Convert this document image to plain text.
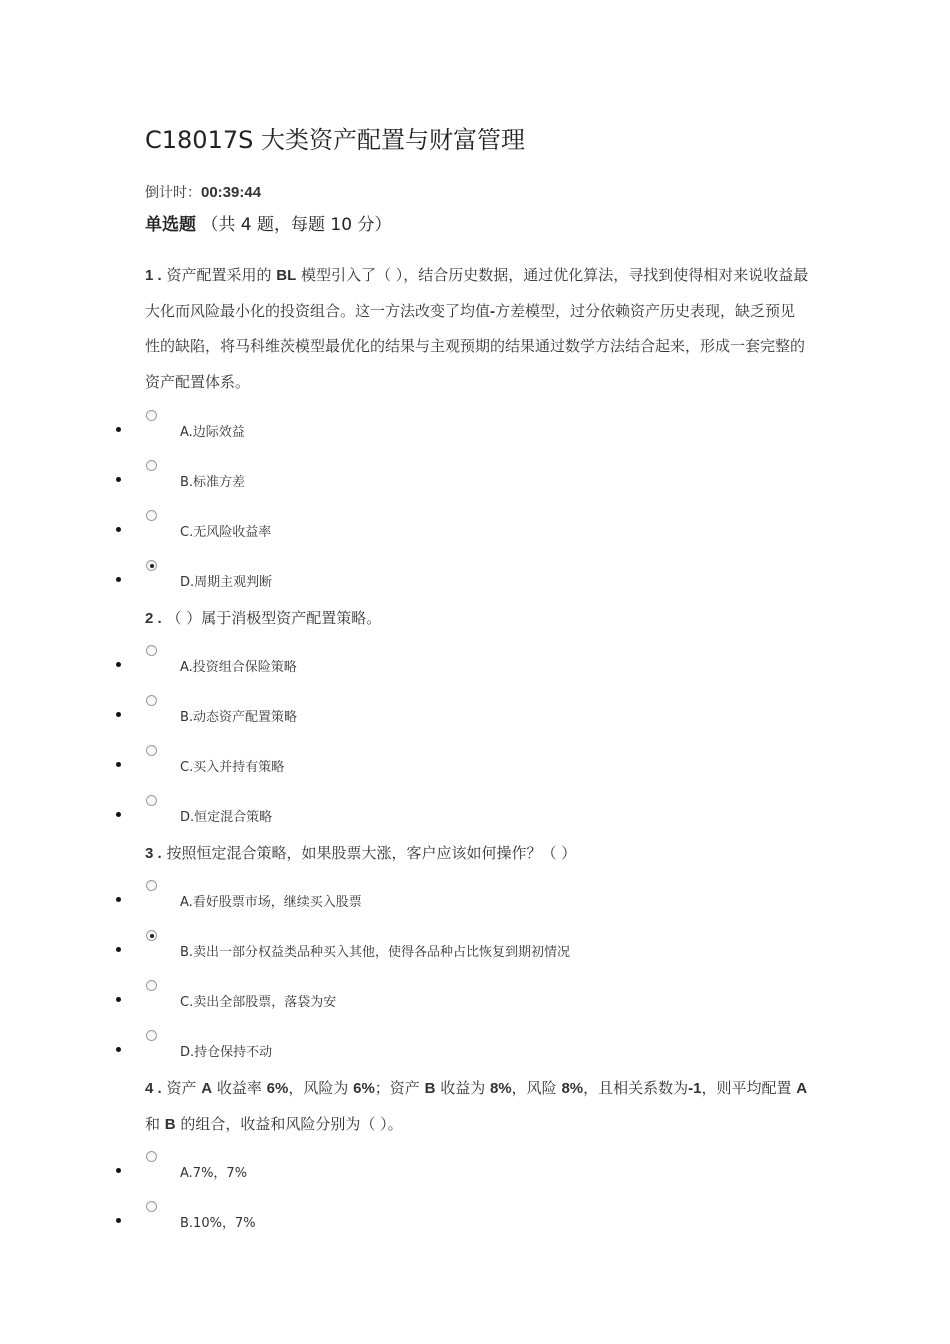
C18017S 大类资产配置与财富管理
倒计时：00:39:44
单选题 （共 4 题，每题 10 分）
1 . 资产配置采用的 BL 模型引入了（ ），结合历史数据，通过优化算法，寻找到使得相对来说收益最大化而风险最小化的投资组合。这一方法改变了均值-方差模型，过分依赖资产历史表现，缺乏预见性的缺陷，将马科维茨模型最优化的结果与主观预期的结果通过数学方法结合起来，形成一套完整的资产配置体系。
A.边际效益
B.标准方差
C.无风险收益率
D.周期主观判断
2 . （ ）属于消极型资产配置策略。
A.投资组合保险策略
B.动态资产配置策略
C.买入并持有策略
D.恒定混合策略
3 . 按照恒定混合策略，如果股票大涨，客户应该如何操作？（ ）
A.看好股票市场，继续买入股票
B.卖出一部分权益类品种买入其他，使得各品种占比恢复到期初情况
C.卖出全部股票，落袋为安
D.持仓保持不动
4 . 资产 A 收益率 6%，风险为 6%；资产 B 收益为 8%，风险 8%，且相关系数为-1，则平均配置 A 和 B 的组合，收益和风险分别为（ ）。
A.7%，7%
B.10%，7%
